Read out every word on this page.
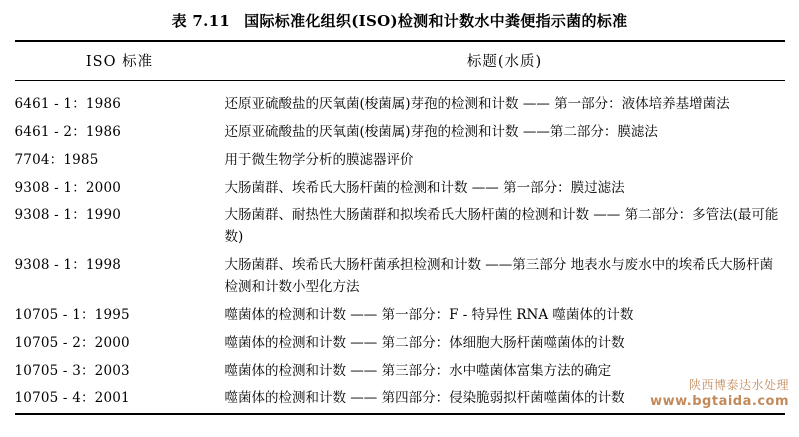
表 7.11 国际标准化组织(ISO)检测和计数水中粪便指示菌的标准
ISO 标准	标题(水质)
6461 - 1：1986	还原亚硫酸盐的厌氧菌(梭菌属)芽孢的检测和计数 —— 第一部分：液体培养基增菌法
6461 - 2：1986	还原亚硫酸盐的厌氧菌(梭菌属)芽孢的检测和计数 ——第二部分：膜滤法
7704：1985	用于微生物学分析的膜滤器评价
9308 - 1：2000	大肠菌群、埃希氏大肠杆菌的检测和计数 —— 第一部分：膜过滤法
9308 - 1：1990	大肠菌群、耐热性大肠菌群和拟埃希氏大肠杆菌的检测和计数 —— 第二部分：多管法(最可能数)
9308 - 1：1998	大肠菌群、埃希氏大肠杆菌承担检测和计数 ——第三部分 地表水与废水中的埃希氏大肠杆菌检测和计数小型化方法
10705 - 1：1995	噬菌体的检测和计数 —— 第一部分：F - 特异性 RNA 噬菌体的计数
10705 - 2：2000	噬菌体的检测和计数 —— 第二部分：体细胞大肠杆菌噬菌体的计数
10705 - 3：2003	噬菌体的检测和计数 —— 第三部分：水中噬菌体富集方法的确定
10705 - 4：2001	噬菌体的检测和计数 —— 第四部分：侵染脆弱拟杆菌噬菌体的计数
陕西博泰达水处理
www.bgtaida.com
